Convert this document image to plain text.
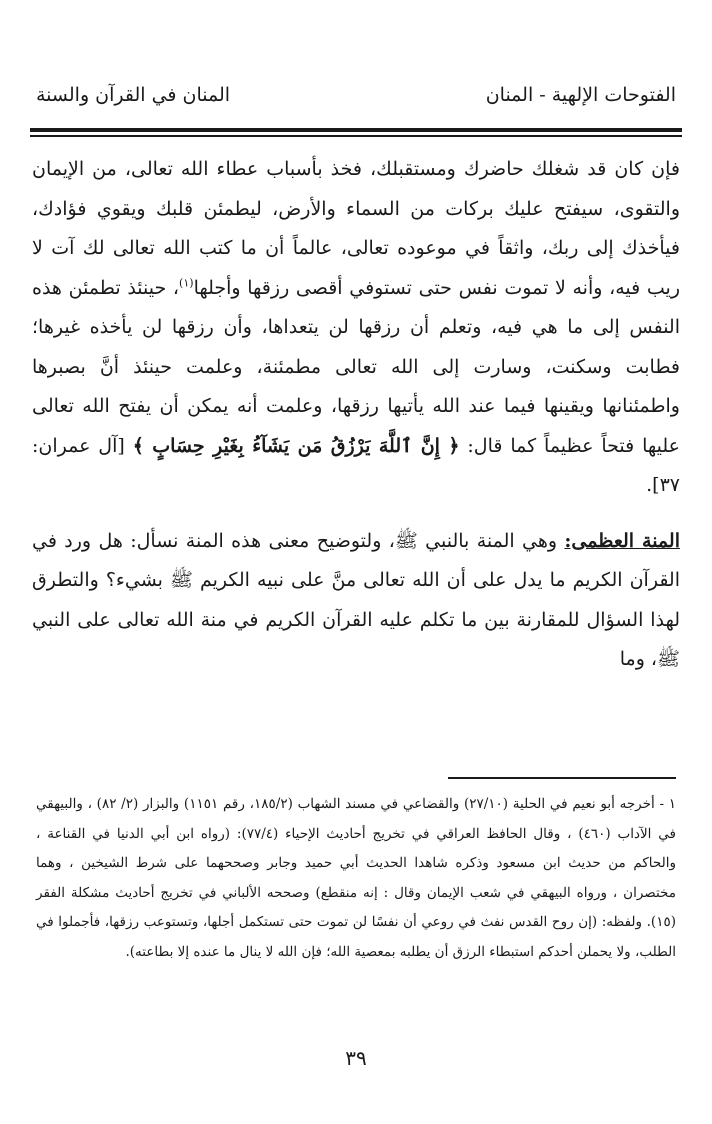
الفتوحات الإلهية - المنان
المنان في القرآن والسنة

فإن كان قد شغلك حاضرك ومستقبلك، فخذ بأسباب عطاء الله تعالى، من الإيمان والتقوى، سيفتح عليك بركات من السماء والأرض، ليطمئن قلبك ويقوي فؤادك، فيأخذك إلى ربك، واثقاً في موعوده تعالى، عالماً أن ما كتب الله تعالى لك آت لا ريب فيه، وأنه لا تموت نفس حتى تستوفي أقصى رزقها وأجلها$^{(١)}$، حينئذ تطمئن هذه النفس إلى ما هي فيه، وتعلم أن رزقها لن يتعداها، وأن رزقها لن يأخذه غيرها؛ فطابت وسكنت، وسارت إلى الله تعالى مطمئنة، وعلمت حينئذ أنَّ بصبرها واطمئنانها ويقينها فيما عند الله يأتيها رزقها، وعلمت أنه يمكن أن يفتح الله تعالى عليها فتحاً عظيماً كما قال: ﴿ إِنَّ ٱللَّهَ يَرْزُقُ مَن يَشَآءُ بِغَيْرِ حِسَابٍ ﴾ [آل عمران: ٣٧].

المنة العظمى: وهي المنة بالنبي ﷺ، ولتوضيح معنى هذه المنة نسأل: هل ورد في القرآن الكريم ما يدل على أن الله تعالى منَّ على نبيه الكريم ﷺ بشيء؟ والتطرق لهذا السؤال للمقارنة بين ما تكلم عليه القرآن الكريم في منة الله تعالى على النبي ﷺ، وما

١ - أخرجه أبو نعيم في الحلية (٢٧/١٠) والقضاعي في مسند الشهاب (١٨٥/٢، رقم ١١٥١) والبزار (٢/ ٨٢) ، والبيهقي في الآداب (٤٦٠) ، وقال الحافظ العراقي في تخريج أحاديث الإحياء (٧٧/٤): (رواه ابن أبي الدنيا في القناعة ، والحاكم من حديث ابن مسعود وذكره شاهدا الحديث أبي حميد وجابر وصححهما على شرط الشيخين ، وهما مختصران ، ورواه البيهقي في شعب الإيمان وقال : إنه منقطع) وصححه الألباني في تخريج أحاديث مشكلة الفقر (١٥). ولفظه: (إن روح القدس نفث في روعي أن نفسًا لن تموت حتى تستكمل أجلها، وتستوعب رزقها، فأجملوا في الطلب، ولا يحملن أحدكم استبطاء الرزق أن يطلبه بمعصية الله؛ فإن الله لا ينال ما عنده إلا بطاعته).

٣٩
